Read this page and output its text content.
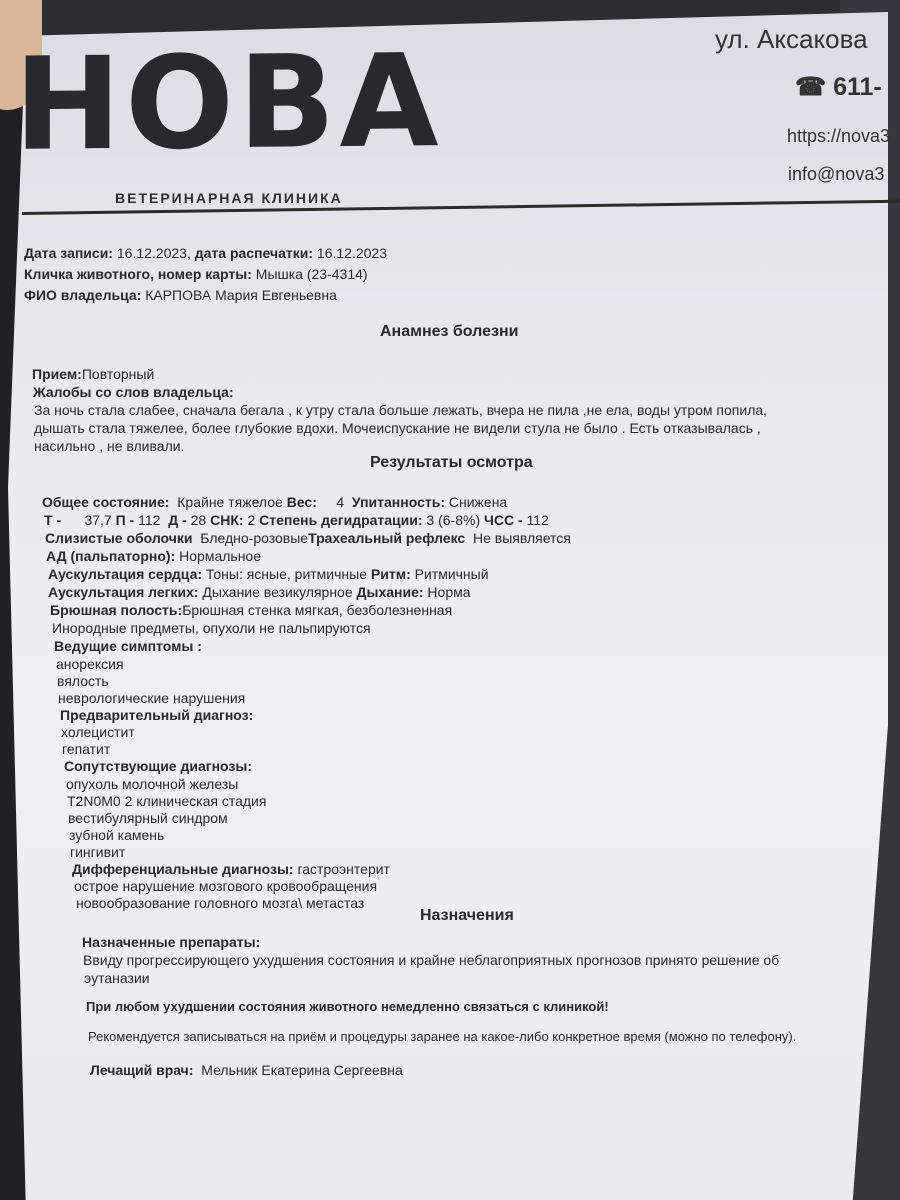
НОВА
ВЕТЕРИНАРНАЯ КЛИНИКА
ул. Аксакова
☎ 611-
https://nova3
info@nova3
Дата записи: 16.12.2023, дата распечатки: 16.12.2023
Кличка животного, номер карты: Мышка (23-4314)
ФИО владельца: КАРПОВА Мария Евгеньевна
Анамнез болезни
Прием:Повторный
Жалобы со слов владельца:
За ночь стала слабее, сначала бегала , к утру стала больше лежать, вчера не пила ,не ела, воды утром попила,
дышать стала тяжелее, более глубокие вдохи. Мочеиспускание не видели стула не было . Есть отказывалась ,
насильно , не вливали.
Результаты осмотра
Общее состояние: Крайне тяжелое Вес: 4 Упитанность: Снижена
Т - 37,7 П - 112 Д - 28 СНК: 2 Степень дегидратации: 3 (6-8%) ЧСС - 112
Слизистые оболочки Бледно-розовыеТрахеальный рефлекс Не выявляется
АД (пальпаторно): Нормальное
Аускультация сердца: Тоны: ясные, ритмичные Ритм: Ритмичный
Аускультация легких: Дыхание везикулярное Дыхание: Норма
Брюшная полость:Брюшная стенка мягкая, безболезненная
Инородные предметы, опухоли не пальпируются
Ведущие симптомы :
анорексия
вялость
неврологические нарушения
Предварительный диагноз:
холецистит
гепатит
Сопутствующие диагнозы:
опухоль молочной железы
T2N0M0 2 клиническая стадия
вестибулярный синдром
зубной камень
гингивит
Дифференциальные диагнозы: гастроэнтерит
острое нарушение мозгового кровообращения
новообразование головного мозга\ метастаз
Назначения
Назначенные препараты:
Ввиду прогрессирующего ухудшения состояния и крайне неблагоприятных прогнозов принято решение об
эутаназии
При любом ухудшении состояния животного немедленно связаться с клиникой!
Рекомендуется записываться на приём и процедуры заранее на какое-либо конкретное время (можно по телефону).
Лечащий врач: Мельник Екатерина Сергеевна
